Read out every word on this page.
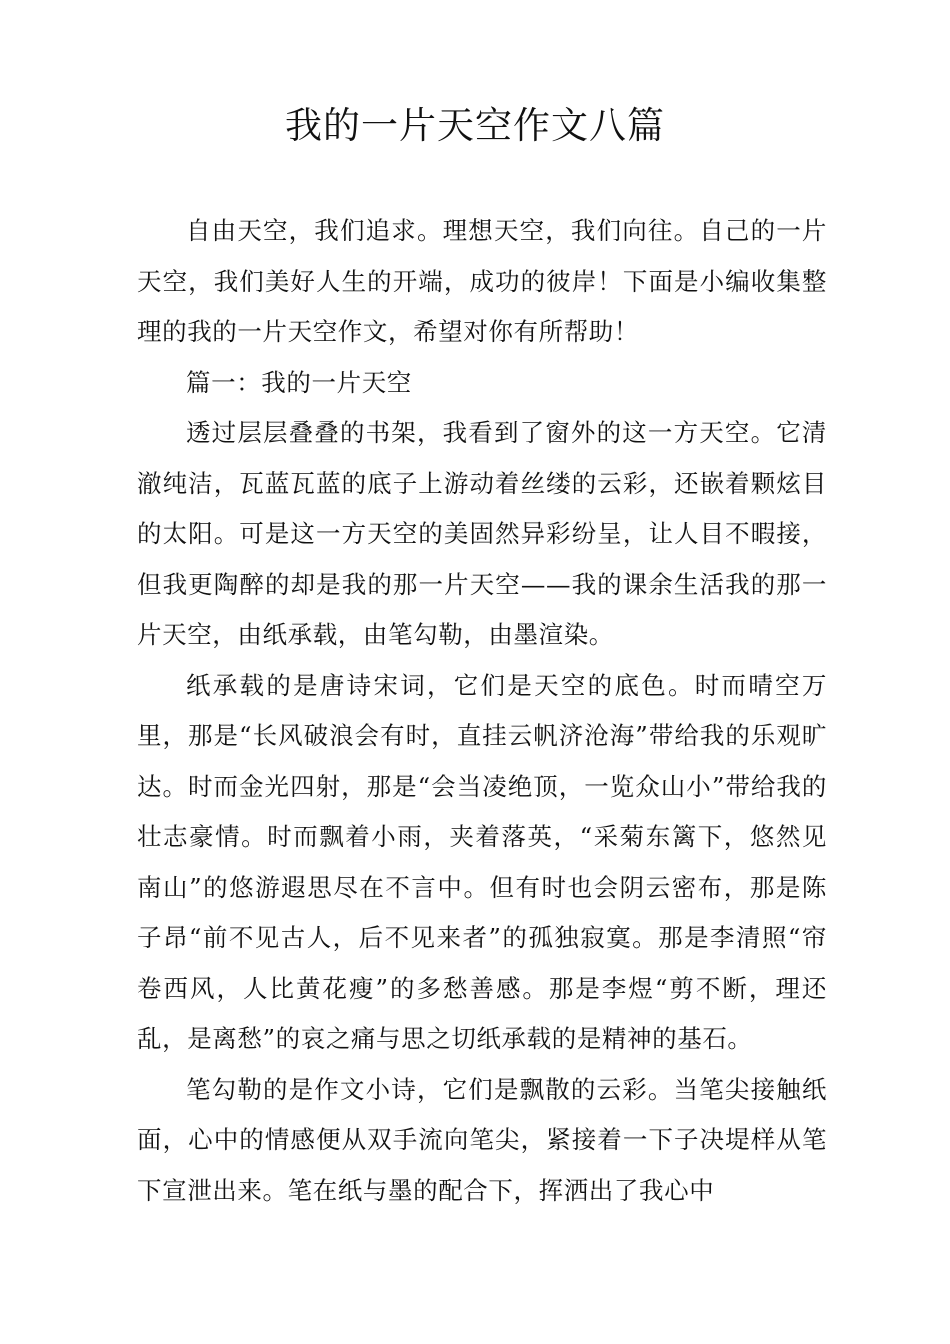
我的一片天空作文八篇

自由天空，我们追求。理想天空，我们向往。自己的一片天空，我们美好人生的开端，成功的彼岸！下面是小编收集整理的我的一片天空作文，希望对你有所帮助！

篇一：我的一片天空

透过层层叠叠的书架，我看到了窗外的这一方天空。它清澈纯洁，瓦蓝瓦蓝的底子上游动着丝缕的云彩，还嵌着颗炫目的太阳。可是这一方天空的美固然异彩纷呈，让人目不暇接，但我更陶醉的却是我的那一片天空——我的课余生活我的那一片天空，由纸承载，由笔勾勒，由墨渲染。

纸承载的是唐诗宋词，它们是天空的底色。时而晴空万里，那是“长风破浪会有时，直挂云帆济沧海”带给我的乐观旷达。时而金光四射，那是“会当凌绝顶，一览众山小”带给我的壮志豪情。时而飘着小雨，夹着落英，“采菊东篱下，悠然见南山”的悠游遐思尽在不言中。但有时也会阴云密布，那是陈子昂“前不见古人，后不见来者”的孤独寂寞。那是李清照“帘卷西风，人比黄花瘦”的多愁善感。那是李煜“剪不断，理还乱，是离愁”的哀之痛与思之切纸承载的是精神的基石。

笔勾勒的是作文小诗，它们是飘散的云彩。当笔尖接触纸面，心中的情感便从双手流向笔尖，紧接着一下子决堤样从笔下宣泄出来。笔在纸与墨的配合下，挥洒出了我心中
